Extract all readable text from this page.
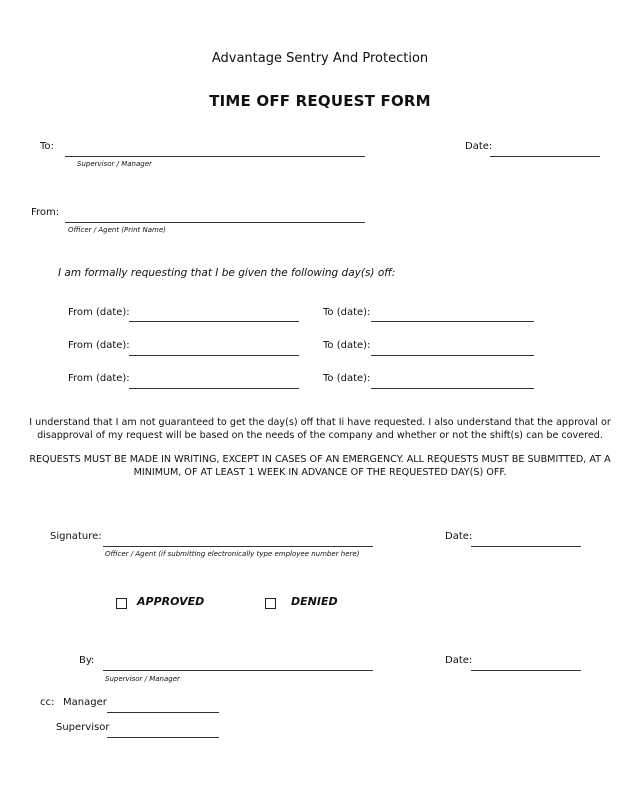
Advantage Sentry And Protection
TIME OFF REQUEST FORM
To:
Supervisor / Manager
Date:
From:
Officer / Agent (Print Name)
I am formally requesting that I be given the following day(s) off:
From (date):	To (date):
From (date):	To (date):
From (date):	To (date):
I understand that I am not guaranteed to get the day(s) off that Ii have requested. I also understand that the approval or
disapproval of my request will be based on the needs of the company and whether or not the shift(s) can be covered.
REQUESTS MUST BE MADE IN WRITING, EXCEPT IN CASES OF AN EMERGENCY. ALL REQUESTS MUST BE SUBMITTED, AT A
MINIMUM, OF AT LEAST 1 WEEK IN ADVANCE OF THE REQUESTED DAY(S) OFF.
Signature:
Officer / Agent (if submitting electronically type employee number here)
Date:
APPROVED	DENIED
By:
Supervisor / Manager
Date:
cc: Manager
Supervisor
